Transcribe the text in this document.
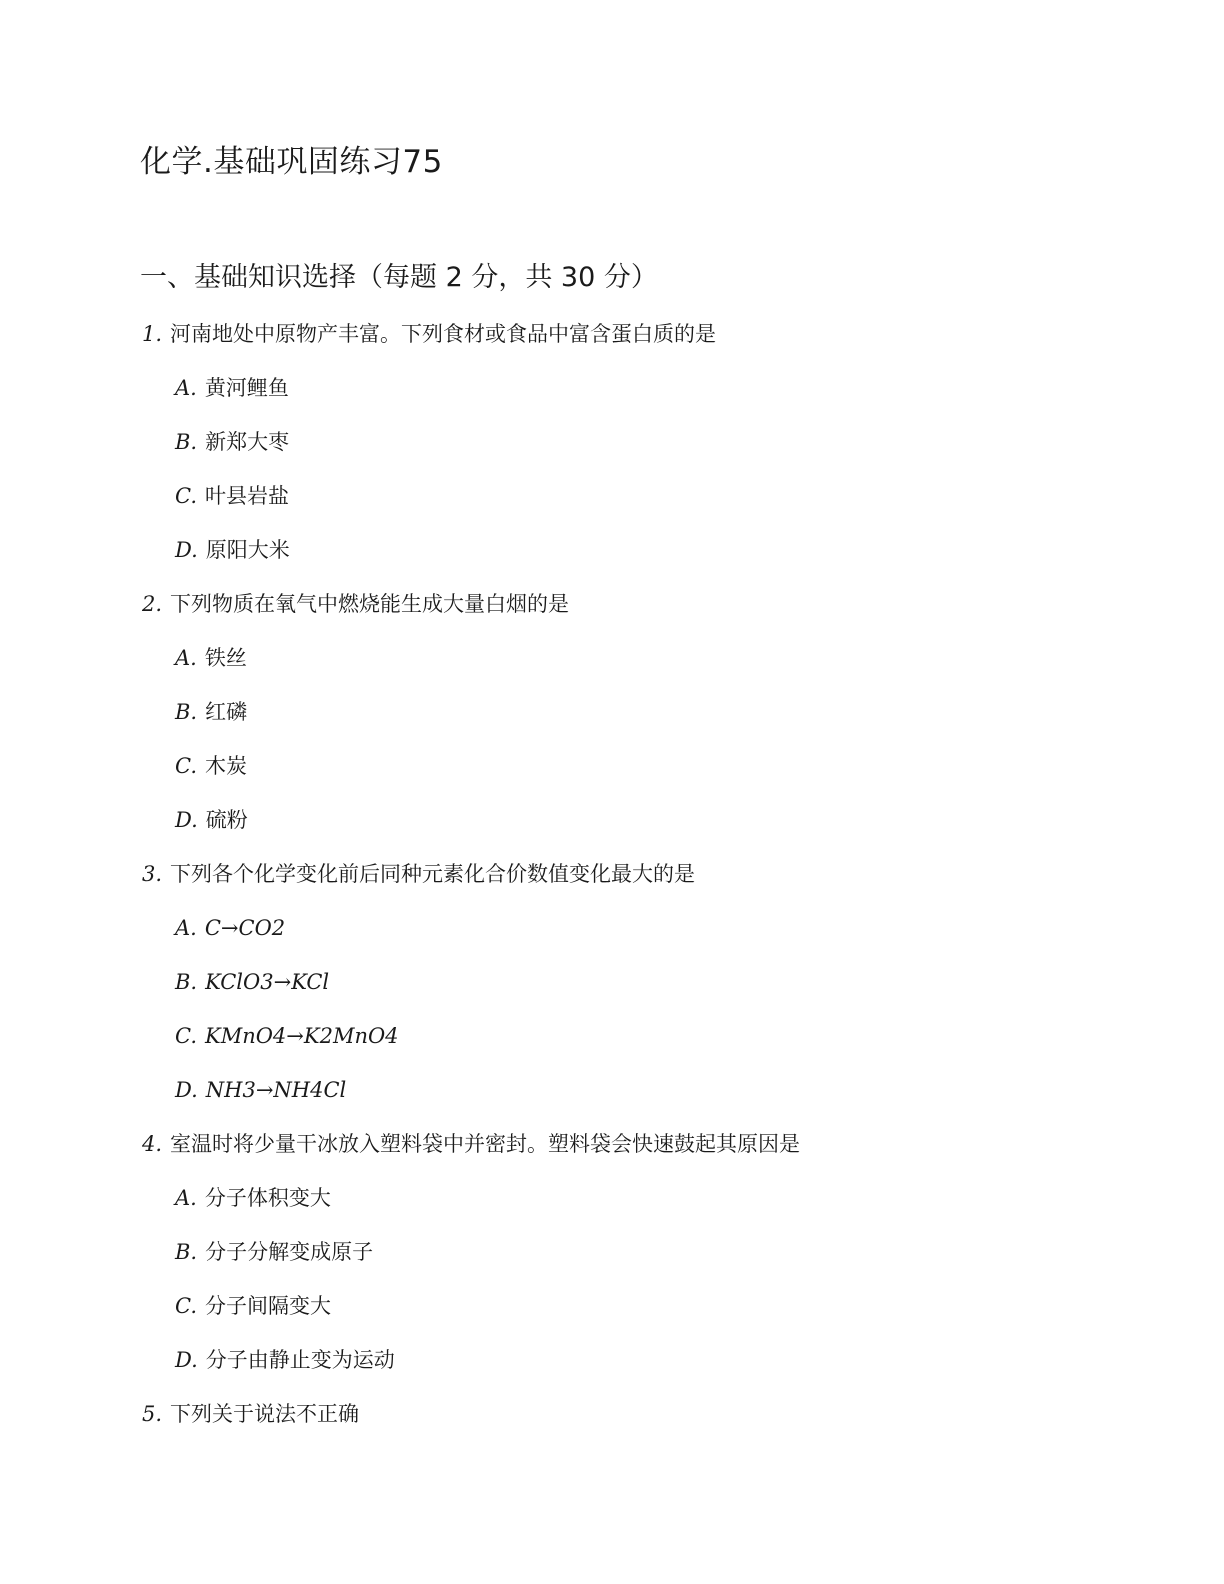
化学.基础巩固练习75
一、基础知识选择（每题 2 分，共 30 分）
1. 河南地处中原物产丰富。下列食材或食品中富含蛋白质的是
A. 黄河鲤鱼
B. 新郑大枣
C. 叶县岩盐
D. 原阳大米
2. 下列物质在氧气中燃烧能生成大量白烟的是
A. 铁丝
B. 红磷
C. 木炭
D. 硫粉
3. 下列各个化学变化前后同种元素化合价数值变化最大的是
A. C→CO2
B. KClO3→KCl
C. KMnO4→K2MnO4
D. NH3→NH4Cl
4. 室温时将少量干冰放入塑料袋中并密封。塑料袋会快速鼓起其原因是
A. 分子体积变大
B. 分子分解变成原子
C. 分子间隔变大
D. 分子由静止变为运动
5. 下列关于说法不正确
